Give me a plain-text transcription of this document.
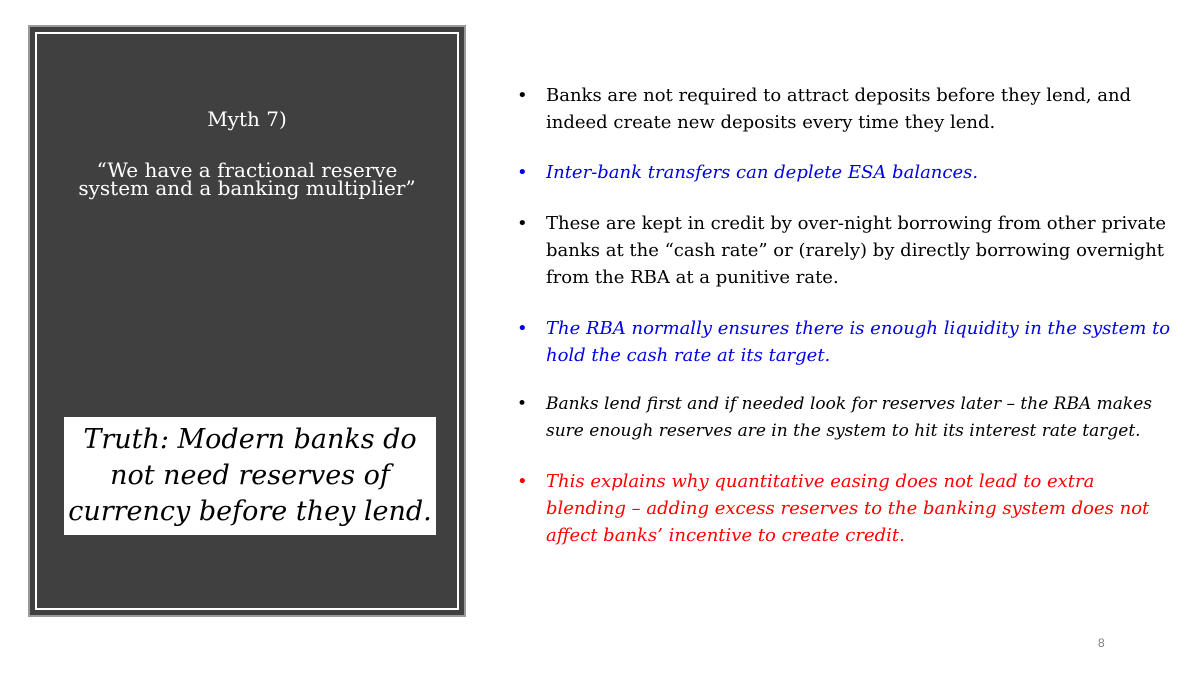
Myth 7)
“We have a fractional reserve system and a banking multiplier”
Truth: Modern banks do not need reserves of currency before they lend.
• Banks are not required to attract deposits before they lend, and indeed create new deposits every time they lend.
• Inter-bank transfers can deplete ESA balances.
• These are kept in credit by over-night borrowing from other private banks at the “cash rate” or (rarely) by directly borrowing overnight from the RBA at a punitive rate.
• The RBA normally ensures there is enough liquidity in the system to hold the cash rate at its target.
• Banks lend first and if needed look for reserves later – the RBA makes sure enough reserves are in the system to hit its interest rate target.
• This explains why quantitative easing does not lead to extra blending – adding excess reserves to the banking system does not affect banks’ incentive to create credit.
8
